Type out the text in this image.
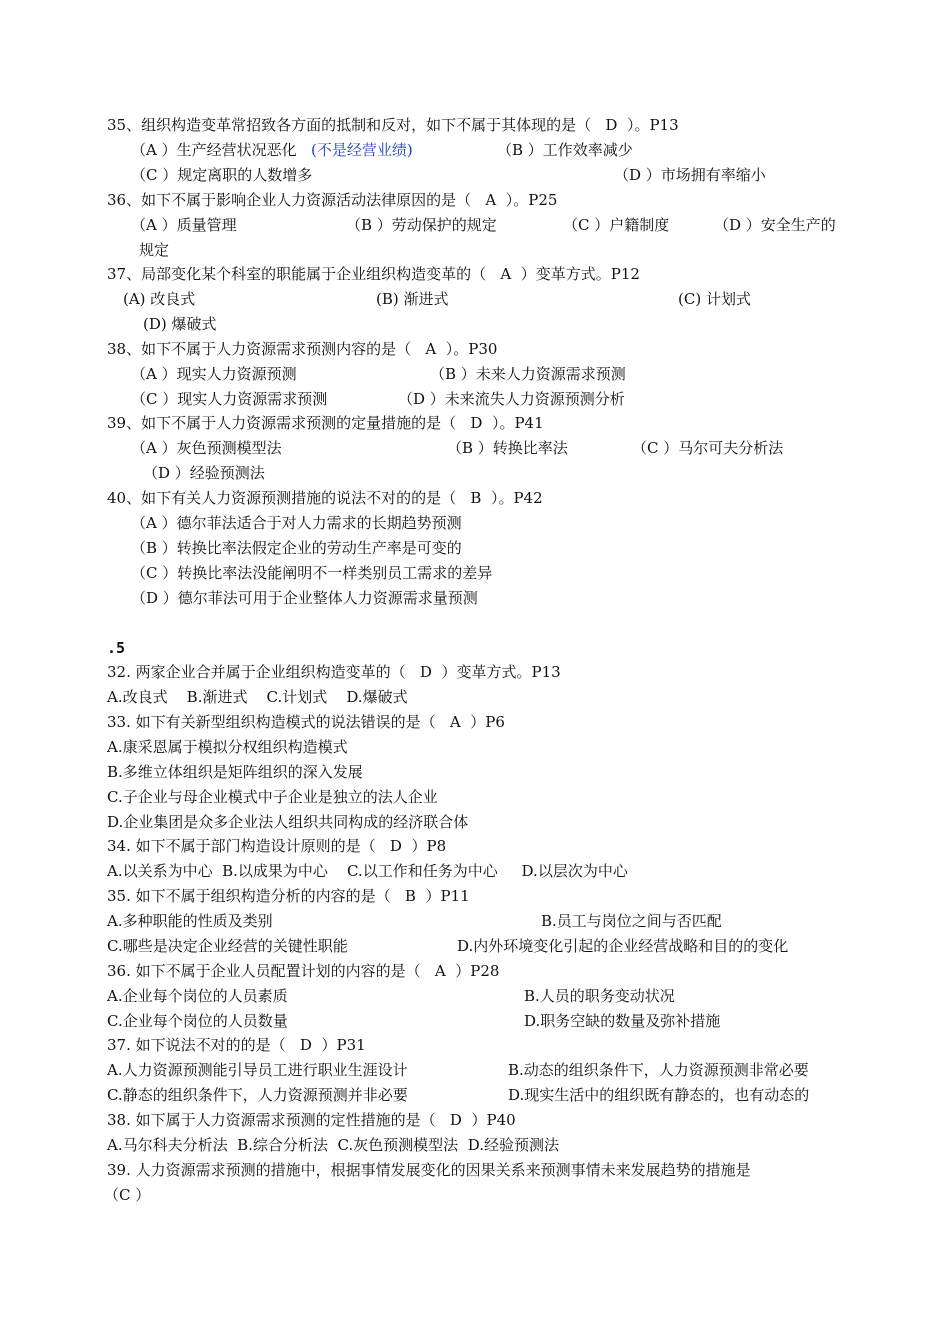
35、组织构造变革常招致各方面的抵制和反对，如下不属于其体现的是（   D  ）。P13
（A ）生产经营状况恶化 (不是经营业绩)	（B ）工作效率减少
（C ）规定离职的人数增多	（D ）市场拥有率缩小
36、如下不属于影响企业人力资源活动法律原因的是（   A  ）。P25
（A ）质量管理	（B ）劳动保护的规定	（C ）户籍制度	（D ）安全生产的
规定
37、局部变化某个科室的职能属于企业组织构造变革的（   A  ）变革方式。P12
(A) 改良式	(B) 渐进式	(C) 计划式
(D) 爆破式
38、如下不属于人力资源需求预测内容的是（   A  ）。P30
（A ）现实人力资源预测	（B ）未来人力资源需求预测
（C ）现实人力资源需求预测	（D ）未来流失人力资源预测分析
39、如下不属于人力资源需求预测的定量措施的是（   D  ）。P41
（A ）灰色预测模型法	（B ）转换比率法	（C ）马尔可夫分析法
（D ）经验预测法
40、如下有关人力资源预测措施的说法不对的的是（   B  ）。P42
（A ）德尔菲法适合于对人力需求的长期趋势预测
（B ）转换比率法假定企业的劳动生产率是可变的
（C ）转换比率法没能阐明不一样类别员工需求的差异
（D ）德尔菲法可用于企业整体人力资源需求量预测
.5
32. 两家企业合并属于企业组织构造变革的（   D  ）变革方式。P13
A.改良式    B.渐进式    C.计划式    D.爆破式
33. 如下有关新型组织构造模式的说法错误的是（   A  ）P6
A.康采恩属于模拟分权组织构造模式
B.多维立体组织是矩阵组织的深入发展
C.子企业与母企业模式中子企业是独立的法人企业
D.企业集团是众多企业法人组织共同构成的经济联合体
34. 如下不属于部门构造设计原则的是（   D  ）P8
A.以关系为中心  B.以成果为中心    C.以工作和任务为中心     D.以层次为中心
35. 如下不属于组织构造分析的内容的是（   B  ）P11
A.多种职能的性质及类别	B.员工与岗位之间与否匹配
C.哪些是决定企业经营的关键性职能	D.内外环境变化引起的企业经营战略和目的的变化
36. 如下不属于企业人员配置计划的内容的是（   A  ）P28
A.企业每个岗位的人员素质	B.人员的职务变动状况
C.企业每个岗位的人员数量	D.职务空缺的数量及弥补措施
37. 如下说法不对的的是（   D  ）P31
A.人力资源预测能引导员工进行职业生涯设计	B.动态的组织条件下，人力资源预测非常必要
C.静态的组织条件下，人力资源预测并非必要	D.现实生活中的组织既有静态的，也有动态的
38. 如下属于人力资源需求预测的定性措施的是（   D  ）P40
A.马尔科夫分析法  B.综合分析法  C.灰色预测模型法  D.经验预测法
39. 人力资源需求预测的措施中，根据事情发展变化的因果关系来预测事情未来发展趋势的措施是
（C ）
